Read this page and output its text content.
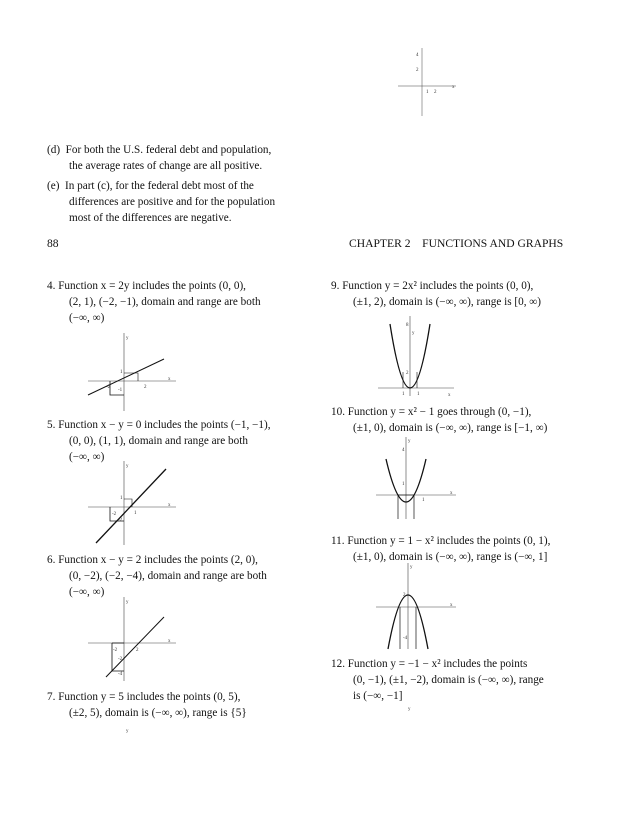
4
2
1 2
x
(d) For both the U.S. federal debt and population,
the average rates of change are all positive.
(e) In part (c), for the federal debt most of the
differences are positive and for the population
most of the differences are negative.
88	CHAPTER 2 FUNCTIONS AND GRAPHS
4. Function x = 2y includes the points (0, 0),
(2, 1), (−2, −1), domain and range are both
(−∞, ∞)
y
x
1
2
-2
-1
5. Function x − y = 0 includes the points (−1, −1),
(0, 0), (1, 1), domain and range are both
(−∞, ∞)
y
x
1
1
-2
-2
6. Function x − y = 2 includes the points (2, 0),
(0, −2), (−2, −4), domain and range are both
(−∞, ∞)
y
x
-2	2
-2
-4
7. Function y = 5 includes the points (0, 5),
(±2, 5), domain is (−∞, ∞), range is {5}
y
9. Function y = 2x² includes the points (0, 0),
(±1, 2), domain is (−∞, ∞), range is [0, ∞)
y
x
8
2
1	1
10. Function y = x² − 1 goes through (0, −1),
(±1, 0), domain is (−∞, ∞), range is [−1, ∞)
y
x
4
1
1
11. Function y = 1 − x² includes the points (0, 1),
(±1, 0), domain is (−∞, ∞), range is (−∞, 1]
y
x
2
-4
12. Function y = −1 − x² includes the points
(0, −1), (±1, −2), domain is (−∞, ∞), range
is (−∞, −1]
y
